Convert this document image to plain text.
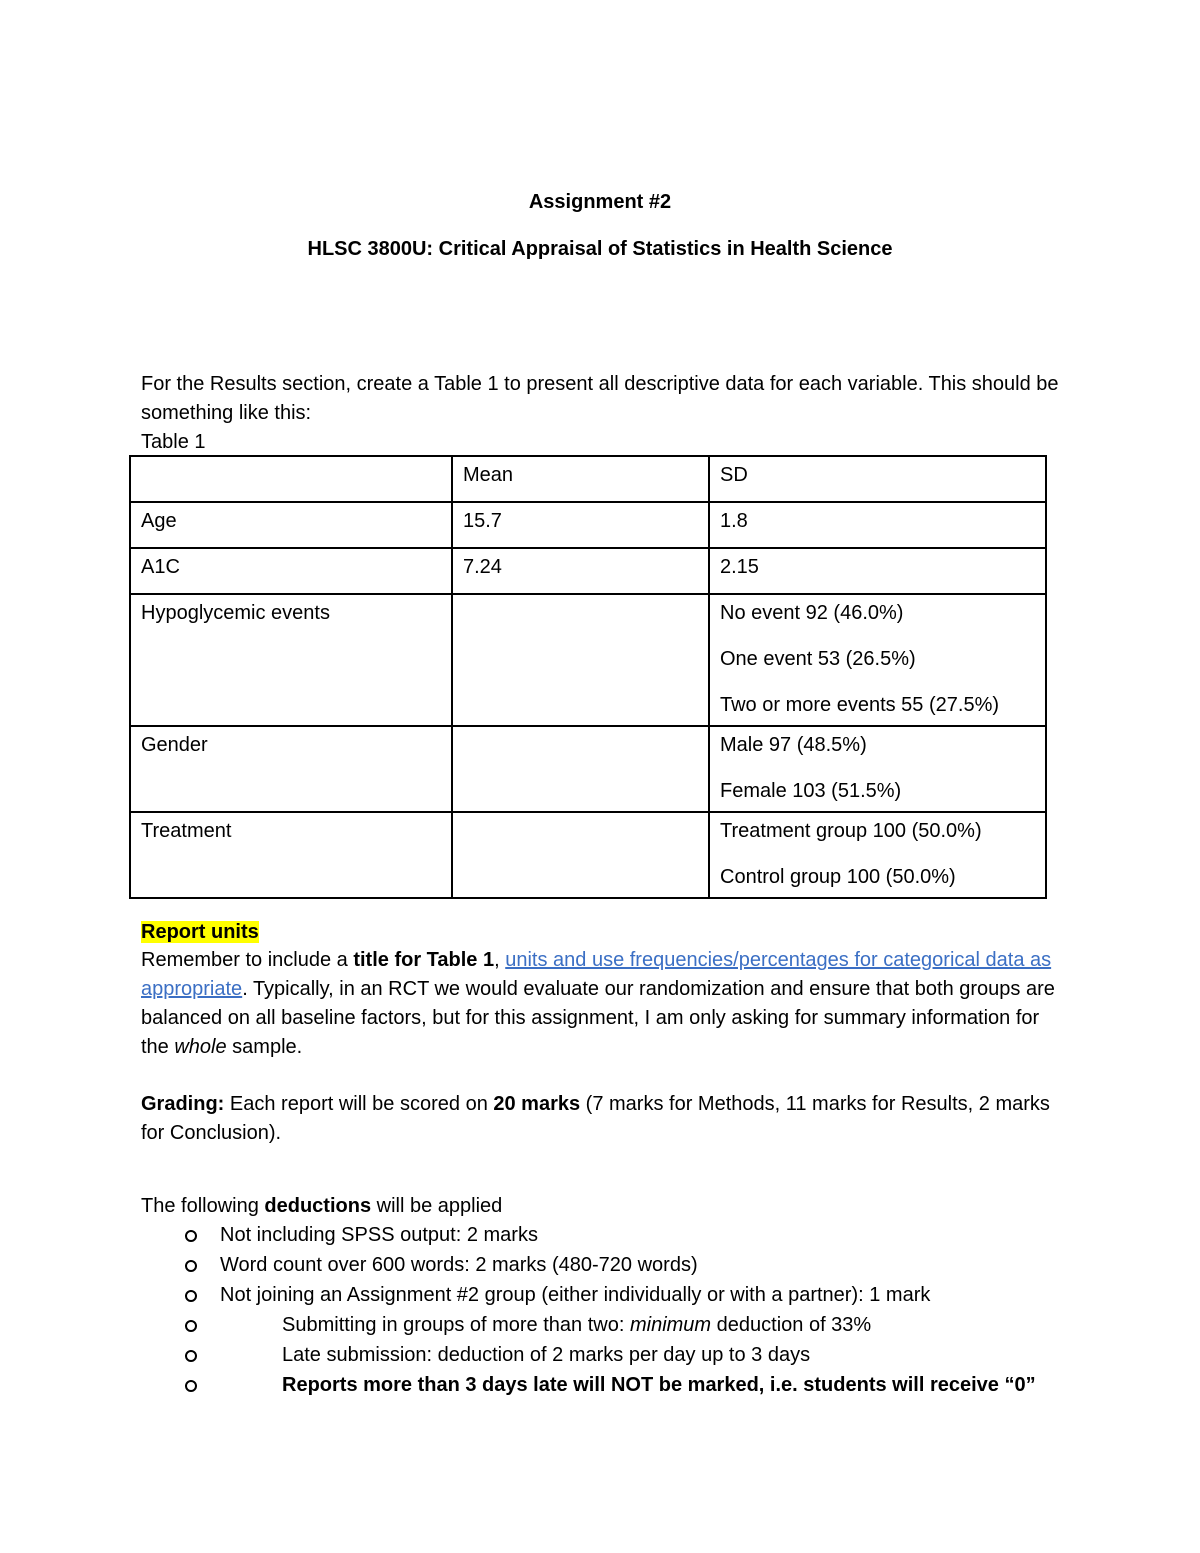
Assignment #2
HLSC 3800U: Critical Appraisal of Statistics in Health Science
For the Results section, create a Table 1 to present all descriptive data for each variable. This should be something like this:
Table 1
	Mean	SD
Age	15.7	1.8

A1C	7.24	2.15

Hypoglycemic events		No event 92 (46.0%)
One event 53 (26.5%)
Two or more events 55 (27.5%)

Gender		Male 97 (48.5%)
Female 103 (51.5%)

Treatment		Treatment group 100 (50.0%)
Control group 100 (50.0%)
Report units
Remember to include a title for Table 1, units and use frequencies/percentages for categorical data as appropriate. Typically, in an RCT we would evaluate our randomization and ensure that both groups are balanced on all baseline factors, but for this assignment, I am only asking for summary information for the whole sample.
Grading: Each report will be scored on 20 marks (7 marks for Methods, 11 marks for Results, 2 marks for Conclusion).
The following deductions will be applied
Not including SPSS output: 2 marks
Word count over 600 words: 2 marks (480-720 words)
Not joining an Assignment #2 group (either individually or with a partner): 1 mark
Submitting in groups of more than two: minimum deduction of 33%
Late submission: deduction of 2 marks per day up to 3 days
Reports more than 3 days late will NOT be marked, i.e. students will receive “0”
